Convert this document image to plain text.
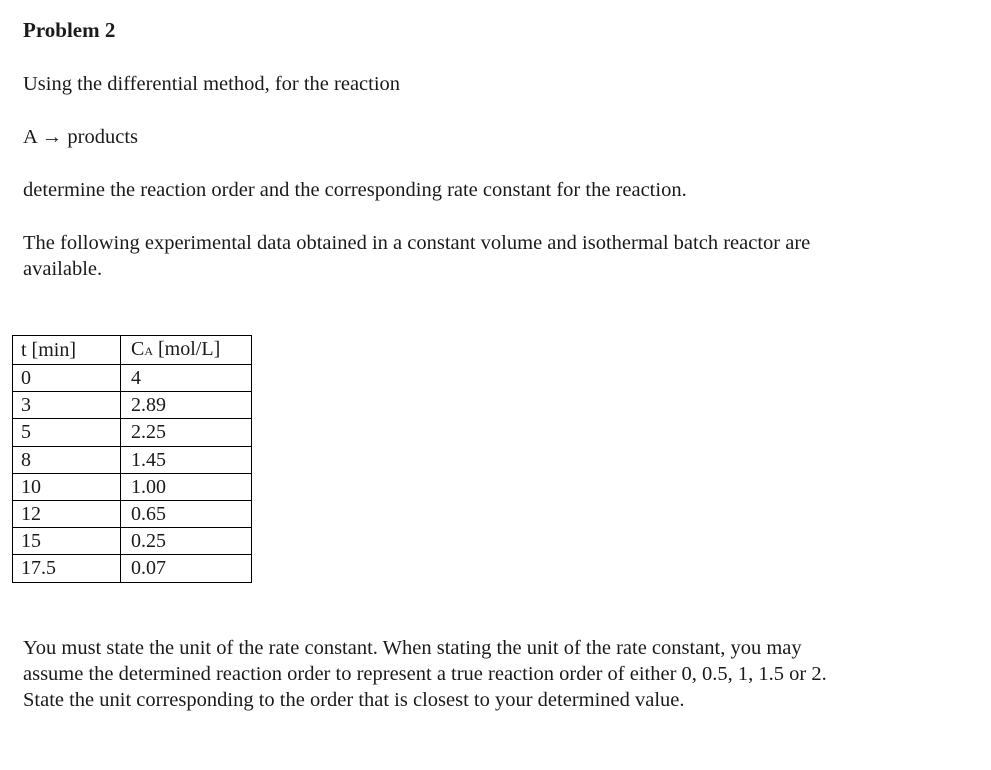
Problem 2
Using the differential method, for the reaction
A → products
determine the reaction order and the corresponding rate constant for the reaction.
The following experimental data obtained in a constant volume and isothermal batch reactor are
available.
t [min]	CA [mol/L]
0	4
3	2.89
5	2.25
8	1.45
10	1.00
12	0.65
15	0.25
17.5	0.07
You must state the unit of the rate constant. When stating the unit of the rate constant, you may
assume the determined reaction order to represent a true reaction order of either 0, 0.5, 1, 1.5 or 2.
State the unit corresponding to the order that is closest to your determined value.
